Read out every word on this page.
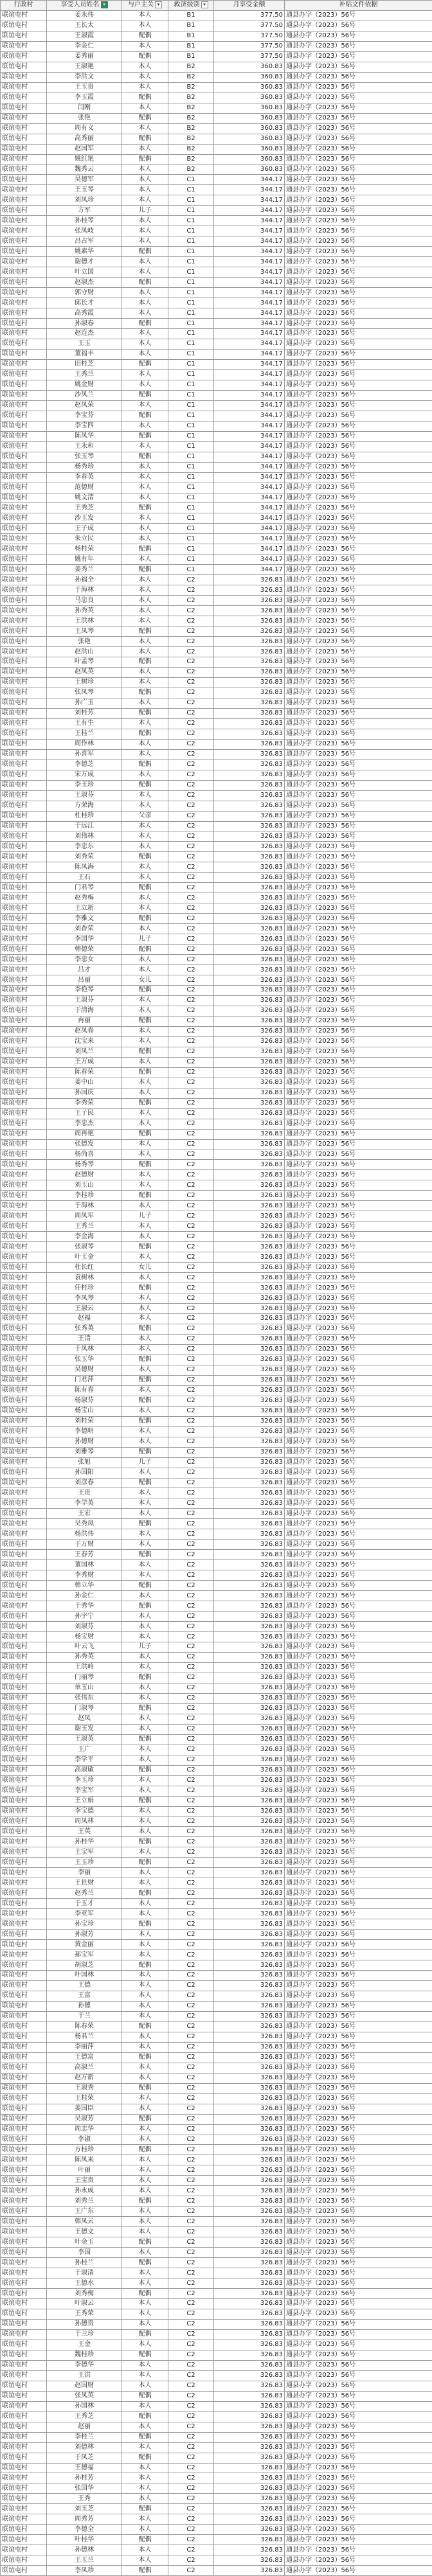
行政村	享受人员姓名 ▾	与户主关 ▾	救济级别 ▾	月享受金额	补贴文件依据
联谊屯村	姜永伟	本人	B1	377.50	通县办字（2023）56号
联谊屯村	王长太	本人	B1	377.50	通县办字（2023）56号
联谊屯村	王淑霞	配偶	B1	377.50	通县办字（2023）56号
联谊屯村	李金仁	本人	B1	377.50	通县办字（2023）56号
联谊屯村	姜秀丽	配偶	B1	377.50	通县办字（2023）56号
联谊屯村	王淑艳	本人	B2	360.83	通县办字（2023）56号
联谊屯村	李洪文	本人	B2	360.83	通县办字（2023）56号
联谊屯村	王玉贵	本人	B2	360.83	通县办字（2023）56号
联谊屯村	李玉霞	配偶	B2	360.83	通县办字（2023）56号
联谊屯村	闫刚	本人	B2	360.83	通县办字（2023）56号
联谊屯村	张艳	配偶	B2	360.83	通县办字（2023）56号
联谊屯村	周有义	本人	B2	360.83	通县办字（2023）56号
联谊屯村	高秀丽	配偶	B2	360.83	通县办字（2023）56号
联谊屯村	赵国军	本人	B2	360.83	通县办字（2023）56号
联谊屯村	姚红艳	配偶	B2	360.83	通县办字（2023）56号
联谊屯村	魏秀云	本人	B2	360.83	通县办字（2023）56号
联谊屯村	吴德军	本人	C1	344.17	通县办字（2023）56号
联谊屯村	王玉琴	本人	C1	344.17	通县办字（2023）56号
联谊屯村	刘凤珍	本人	C1	344.17	通县办字（2023）56号
联谊屯村	方军	儿子	C1	344.17	通县办字（2023）56号
联谊屯村	孙桂琴	本人	C1	344.17	通县办字（2023）56号
联谊屯村	张凤岐	本人	C1	344.17	通县办字（2023）56号
联谊屯村	吕占军	本人	C1	344.17	通县办字（2023）56号
联谊屯村	姚素华	配偶	C1	344.17	通县办字（2023）56号
联谊屯村	谢德才	本人	C1	344.17	通县办字（2023）56号
联谊屯村	叶立国	本人	C1	344.17	通县办字（2023）56号
联谊屯村	赵淑杰	配偶	C1	344.17	通县办字（2023）56号
联谊屯村	郭守财	本人	C1	344.17	通县办字（2023）56号
联谊屯村	邱长才	本人	C1	344.17	通县办字（2023）56号
联谊屯村	高秀霞	本人	C1	344.17	通县办字（2023）56号
联谊屯村	孙淑春	配偶	C1	344.17	通县办字（2023）56号
联谊屯村	赵连杰	本人	C1	344.17	通县办字（2023）56号
联谊屯村	王玉	本人	C1	344.17	通县办字（2023）56号
联谊屯村	董福丰	本人	C1	344.17	通县办字（2023）56号
联谊屯村	田桂芝	配偶	C1	344.17	通县办字（2023）56号
联谊屯村	王秀兰	本人	C1	344.17	通县办字（2023）56号
联谊屯村	姚金财	本人	C1	344.17	通县办字（2023）56号
联谊屯村	沙凤兰	配偶	C1	344.17	通县办字（2023）56号
联谊屯村	赵凤荣	本人	C1	344.17	通县办字（2023）56号
联谊屯村	李宝芬	配偶	C1	344.17	通县办字（2023）56号
联谊屯村	李宝四	本人	C1	344.17	通县办字（2023）56号
联谊屯村	陈凤华	配偶	C1	344.17	通县办字（2023）56号
联谊屯村	王永和	本人	C1	344.17	通县办字（2023）56号
联谊屯村	张玉琴	配偶	C1	344.17	通县办字（2023）56号
联谊屯村	杨秀珍	本人	C1	344.17	通县办字（2023）56号
联谊屯村	李春英	本人	C1	344.17	通县办字（2023）56号
联谊屯村	范德财	本人	C1	344.17	通县办字（2023）56号
联谊屯村	姚文清	本人	C1	344.17	通县办字（2023）56号
联谊屯村	王秀芝	配偶	C1	344.17	通县办字（2023）56号
联谊屯村	沙玉发	本人	C1	344.17	通县办字（2023）56号
联谊屯村	王子成	本人	C1	344.17	通县办字（2023）56号
联谊屯村	朱立民	本人	C1	344.17	通县办字（2023）56号
联谊屯村	杨桂荣	配偶	C1	344.17	通县办字（2023）56号
联谊屯村	姚有年	本人	C1	344.17	通县办字（2023）56号
联谊屯村	姜秀兰	配偶	C1	344.17	通县办字（2023）56号
联谊屯村	孙福全	本人	C2	326.83	通县办字（2023）56号
联谊屯村	于海林	本人	C2	326.83	通县办字（2023）56号
联谊屯村	马忠良	本人	C2	326.83	通县办字（2023）56号
联谊屯村	孙秀英	本人	C2	326.83	通县办字（2023）56号
联谊屯村	王洪林	本人	C2	326.83	通县办字（2023）56号
联谊屯村	王凤琴	配偶	C2	326.83	通县办字（2023）56号
联谊屯村	张艳	本人	C2	326.83	通县办字（2023）56号
联谊屯村	赵洪山	本人	C2	326.83	通县办字（2023）56号
联谊屯村	叶孟琴	配偶	C2	326.83	通县办字（2023）56号
联谊屯村	赵凤英	本人	C2	326.83	通县办字（2023）56号
联谊屯村	王树珍	本人	C2	326.83	通县办字（2023）56号
联谊屯村	张凤琴	配偶	C2	326.83	通县办字（2023）56号
联谊屯村	孙广玉	本人	C2	326.83	通县办字（2023）56号
联谊屯村	刘桂芳	配偶	C2	326.83	通县办字（2023）56号
联谊屯村	王有生	本人	C2	326.83	通县办字（2023）56号
联谊屯村	王桂兰	配偶	C2	326.83	通县办字（2023）56号
联谊屯村	周作林	本人	C2	326.83	通县办字（2023）56号
联谊屯村	孙喜军	本人	C2	326.83	通县办字（2023）56号
联谊屯村	李德芝	配偶	C2	326.83	通县办字（2023）56号
联谊屯村	宋万成	本人	C2	326.83	通县办字（2023）56号
联谊屯村	李玉珍	配偶	C2	326.83	通县办字（2023）56号
联谊屯村	王淑芬	本人	C2	326.83	通县办字（2023）56号
联谊屯村	方荣海	本人	C2	326.83	通县办字（2023）56号
联谊屯村	杜桂珍	父亲	C2	326.83	通县办字（2023）56号
联谊屯村	于远江	本人	C2	326.83	通县办字（2023）56号
联谊屯村	刘伟林	本人	C2	326.83	通县办字（2023）56号
联谊屯村	李忠东	本人	C2	326.83	通县办字（2023）56号
联谊屯村	刘秀荣	配偶	C2	326.83	通县办字（2023）56号
联谊屯村	陈凤海	本人	C2	326.83	通县办字（2023）56号
联谊屯村	王石	本人	C2	326.83	通县办字（2023）56号
联谊屯村	门君琴	配偶	C2	326.83	通县办字（2023）56号
联谊屯村	赵秀梅	本人	C2	326.83	通县办字（2023）56号
联谊屯村	王立新	本人	C2	326.83	通县办字（2023）56号
联谊屯村	李雅文	配偶	C2	326.83	通县办字（2023）56号
联谊屯村	刘香荣	本人	C2	326.83	通县办字（2023）56号
联谊屯村	李国华	儿子	C2	326.83	通县办字（2023）56号
联谊屯村	韩德荣	配偶	C2	326.83	通县办字（2023）56号
联谊屯村	李忠女	本人	C2	326.83	通县办字（2023）56号
联谊屯村	吕才	本人	C2	326.83	通县办字（2023）56号
联谊屯村	吕丽	女儿	C2	326.83	通县办字（2023）56号
联谊屯村	李艳琴	配偶	C2	326.83	通县办字（2023）56号
联谊屯村	王淑芬	本人	C2	326.83	通县办字（2023）56号
联谊屯村	于清海	本人	C2	326.83	通县办字（2023）56号
联谊屯村	冉丽	配偶	C2	326.83	通县办字（2023）56号
联谊屯村	赵凤春	本人	C2	326.83	通县办字（2023）56号
联谊屯村	沈宝来	本人	C2	326.83	通县办字（2023）56号
联谊屯村	刘凤兰	配偶	C2	326.83	通县办字（2023）56号
联谊屯村	王万成	本人	C2	326.83	通县办字（2023）56号
联谊屯村	陈春荣	配偶	C2	326.83	通县办字（2023）56号
联谊屯村	姜中山	本人	C2	326.83	通县办字（2023）56号
联谊屯村	孙国庆	本人	C2	326.83	通县办字（2023）56号
联谊屯村	李秀荣	配偶	C2	326.83	通县办字（2023）56号
联谊屯村	王子民	本人	C2	326.83	通县办字（2023）56号
联谊屯村	李忠杰	本人	C2	326.83	通县办字（2023）56号
联谊屯村	周再艳	配偶	C2	326.83	通县办字（2023）56号
联谊屯村	张德发	本人	C2	326.83	通县办字（2023）56号
联谊屯村	杨尚喜	本人	C2	326.83	通县办字（2023）56号
联谊屯村	杨秀琴	配偶	C2	326.83	通县办字（2023）56号
联谊屯村	赵德财	本人	C2	326.83	通县办字（2023）56号
联谊屯村	刘玉山	本人	C2	326.83	通县办字（2023）56号
联谊屯村	李桂珍	配偶	C2	326.83	通县办字（2023）56号
联谊屯村	于海林	本人	C2	326.83	通县办字（2023）56号
联谊屯村	周凤军	儿子	C2	326.83	通县办字（2023）56号
联谊屯村	王秀兰	本人	C2	326.83	通县办字（2023）56号
联谊屯村	李金海	本人	C2	326.83	通县办字（2023）56号
联谊屯村	张淑琴	配偶	C2	326.83	通县办字（2023）56号
联谊屯村	叶玉金	本人	C2	326.83	通县办字（2023）56号
联谊屯村	杜长红	女儿	C2	326.83	通县办字（2023）56号
联谊屯村	袁树林	本人	C2	326.83	通县办字（2023）56号
联谊屯村	任桂珍	配偶	C2	326.83	通县办字（2023）56号
联谊屯村	李凤琴	本人	C2	326.83	通县办字（2023）56号
联谊屯村	王淑云	本人	C2	326.83	通县办字（2023）56号
联谊屯村	赵福	本人	C2	326.83	通县办字（2023）56号
联谊屯村	张秀英	配偶	C2	326.83	通县办字（2023）56号
联谊屯村	王清	本人	C2	326.83	通县办字（2023）56号
联谊屯村	于凤林	本人	C2	326.83	通县办字（2023）56号
联谊屯村	张玉华	配偶	C2	326.83	通县办字（2023）56号
联谊屯村	吴德财	本人	C2	326.83	通县办字（2023）56号
联谊屯村	门君萍	配偶	C2	326.83	通县办字（2023）56号
联谊屯村	陈有春	本人	C2	326.83	通县办字（2023）56号
联谊屯村	杨淑芬	配偶	C2	326.83	通县办字（2023）56号
联谊屯村	杨宝山	本人	C2	326.83	通县办字（2023）56号
联谊屯村	刘桂荣	配偶	C2	326.83	通县办字（2023）56号
联谊屯村	李德明	本人	C2	326.83	通县办字（2023）56号
联谊屯村	孙德财	本人	C2	326.83	通县办字（2023）56号
联谊屯村	刘雅琴	配偶	C2	326.83	通县办字（2023）56号
联谊屯村	张旭	儿子	C2	326.83	通县办字（2023）56号
联谊屯村	孙国阳	本人	C2	326.83	通县办字（2023）56号
联谊屯村	刘彦春	配偶	C2	326.83	通县办字（2023）56号
联谊屯村	王贵	本人	C2	326.83	通县办字（2023）56号
联谊屯村	李学英	本人	C2	326.83	通县办字（2023）56号
联谊屯村	王宏	本人	C2	326.83	通县办字（2023）56号
联谊屯村	吴秀凤	配偶	C2	326.83	通县办字（2023）56号
联谊屯村	杨洪伟	本人	C2	326.83	通县办字（2023）56号
联谊屯村	于万财	本人	C2	326.83	通县办字（2023）56号
联谊屯村	王春芳	配偶	C2	326.83	通县办字（2023）56号
联谊屯村	董国林	本人	C2	326.83	通县办字（2023）56号
联谊屯村	李秀财	本人	C2	326.83	通县办字（2023）56号
联谊屯村	韩立华	配偶	C2	326.83	通县办字（2023）56号
联谊屯村	孙金仁	本人	C2	326.83	通县办字（2023）56号
联谊屯村	于秀华	配偶	C2	326.83	通县办字（2023）56号
联谊屯村	孙宇宁	本人	C2	326.83	通县办字（2023）56号
联谊屯村	刘淑芬	本人	C2	326.83	通县办字（2023）56号
联谊屯村	杨宝财	本人	C2	326.83	通县办字（2023）56号
联谊屯村	叶云飞	儿子	C2	326.83	通县办字（2023）56号
联谊屯村	孙秀英	本人	C2	326.83	通县办字（2023）56号
联谊屯村	王洪岭	本人	C2	326.83	通县办字（2023）56号
联谊屯村	门丽琴	配偶	C2	326.83	通县办字（2023）56号
联谊屯村	单玉山	本人	C2	326.83	通县办字（2023）56号
联谊屯村	张伟东	本人	C2	326.83	通县办字（2023）56号
联谊屯村	门淑琴	配偶	C2	326.83	通县办字（2023）56号
联谊屯村	赵凤	本人	C2	326.83	通县办字（2023）56号
联谊屯村	谢玉发	本人	C2	326.83	通县办字（2023）56号
联谊屯村	王淑英	配偶	C2	326.83	通县办字（2023）56号
联谊屯村	王广	本人	C2	326.83	通县办字（2023）56号
联谊屯村	李学平	本人	C2	326.83	通县办字（2023）56号
联谊屯村	高淑敏	配偶	C2	326.83	通县办字（2023）56号
联谊屯村	李玉珍	本人	C2	326.83	通县办字（2023）56号
联谊屯村	李宝军	本人	C2	326.83	通县办字（2023）56号
联谊屯村	王立娟	配偶	C2	326.83	通县办字（2023）56号
联谊屯村	李宝德	本人	C2	326.83	通县办字（2023）56号
联谊屯村	周凤林	本人	C2	326.83	通县办字（2023）56号
联谊屯村	王英	本人	C2	326.83	通县办字（2023）56号
联谊屯村	孙桂华	配偶	C2	326.83	通县办字（2023）56号
联谊屯村	王宝军	本人	C2	326.83	通县办字（2023）56号
联谊屯村	王玉珍	配偶	C2	326.83	通县办字（2023）56号
联谊屯村	李丽	本人	C2	326.83	通县办字（2023）56号
联谊屯村	王世财	本人	C2	326.83	通县办字（2023）56号
联谊屯村	赵秀兰	配偶	C2	326.83	通县办字（2023）56号
联谊屯村	于玉才	本人	C2	326.83	通县办字（2023）56号
联谊屯村	李亚军	本人	C2	326.83	通县办字（2023）56号
联谊屯村	孙宝珍	配偶	C2	326.83	通县办字（2023）56号
联谊屯村	孙淑芳	本人	C2	326.83	通县办字（2023）56号
联谊屯村	黄金丽	本人	C2	326.83	通县办字（2023）56号
联谊屯村	郝宝军	本人	C2	326.83	通县办字（2023）56号
联谊屯村	胡淑芝	配偶	C2	326.83	通县办字（2023）56号
联谊屯村	叶国林	本人	C2	326.83	通县办字（2023）56号
联谊屯村	王德	本人	C2	326.83	通县办字（2023）56号
联谊屯村	王富	本人	C2	326.83	通县办字（2023）56号
联谊屯村	孙德	本人	C2	326.83	通县办字（2023）56号
联谊屯村	于兰	本人	C2	326.83	通县办字（2023）56号
联谊屯村	陈春荣	配偶	C2	326.83	通县办字（2023）56号
联谊屯村	杨君兰	本人	C2	326.83	通县办字（2023）56号
联谊屯村	李丽萍	本人	C2	326.83	通县办字（2023）56号
联谊屯村	王德富	配偶	C2	326.83	通县办字（2023）56号
联谊屯村	高淑兰	本人	C2	326.83	通县办字（2023）56号
联谊屯村	赵万新	本人	C2	326.83	通县办字（2023）56号
联谊屯村	王淑秀	配偶	C2	326.83	通县办字（2023）56号
联谊屯村	王桂荣	本人	C2	326.83	通县办字（2023）56号
联谊屯村	姜国臣	本人	C2	326.83	通县办字（2023）56号
联谊屯村	吴淑芳	配偶	C2	326.83	通县办字（2023）56号
联谊屯村	周志华	本人	C2	326.83	通县办字（2023）56号
联谊屯村	李淑	本人	C2	326.83	通县办字（2023）56号
联谊屯村	方桂珍	配偶	C2	326.83	通县办字（2023）56号
联谊屯村	陈凤来	本人	C2	326.83	通县办字（2023）56号
联谊屯村	叶丽	本人	C2	326.83	通县办字（2023）56号
联谊屯村	王宝贵	本人	C2	326.83	通县办字（2023）56号
联谊屯村	孙永成	本人	C2	326.83	通县办字（2023）56号
联谊屯村	刘秀兰	配偶	C2	326.83	通县办字（2023）56号
联谊屯村	王广东	本人	C2	326.83	通县办字（2023）56号
联谊屯村	韩凤云	本人	C2	326.83	通县办字（2023）56号
联谊屯村	王德文	本人	C2	326.83	通县办字（2023）56号
联谊屯村	叶金玉	配偶	C2	326.83	通县办字（2023）56号
联谊屯村	李国	本人	C2	326.83	通县办字（2023）56号
联谊屯村	孙桂兰	配偶	C2	326.83	通县办字（2023）56号
联谊屯村	于淑清	本人	C2	326.83	通县办字（2023）56号
联谊屯村	王德水	本人	C2	326.83	通县办字（2023）56号
联谊屯村	刘秀梅	配偶	C2	326.83	通县办字（2023）56号
联谊屯村	叶淑云	本人	C2	326.83	通县办字（2023）56号
联谊屯村	王秀荣	本人	C2	326.83	通县办字（2023）56号
联谊屯村	孙德贵	本人	C2	326.83	通县办字（2023）56号
联谊屯村	于兰珍	配偶	C2	326.83	通县办字（2023）56号
联谊屯村	王金	本人	C2	326.83	通县办字（2023）56号
联谊屯村	魏桂珍	配偶	C2	326.83	通县办字（2023）56号
联谊屯村	李德华	本人	C2	326.83	通县办字（2023）56号
联谊屯村	王洪	本人	C2	326.83	通县办字（2023）56号
联谊屯村	赵国财	本人	C2	326.83	通县办字（2023）56号
联谊屯村	张凤英	配偶	C2	326.83	通县办字（2023）56号
联谊屯村	孙国林	本人	C2	326.83	通县办字（2023）56号
联谊屯村	王秀芝	配偶	C2	326.83	通县办字（2023）56号
联谊屯村	赵丽	本人	C2	326.83	通县办字（2023）56号
联谊屯村	李桂兰	配偶	C2	326.83	通县办字（2023）56号
联谊屯村	刘德林	本人	C2	326.83	通县办字（2023）56号
联谊屯村	于凤芝	配偶	C2	326.83	通县办字（2023）56号
联谊屯村	王德福	本人	C2	326.83	通县办字（2023）56号
联谊屯村	孙桂芳	本人	C2	326.83	通县办字（2023）56号
联谊屯村	张国华	本人	C2	326.83	通县办字（2023）56号
联谊屯村	王秀	本人	C2	326.83	通县办字（2023）56号
联谊屯村	刘玉芝	配偶	C2	326.83	通县办字（2023）56号
联谊屯村	周秀芳	本人	C2	326.83	通县办字（2023）56号
联谊屯村	李德全	本人	C2	326.83	通县办字（2023）56号
联谊屯村	叶桂华	配偶	C2	326.83	通县办字（2023）56号
联谊屯村	孙德林	本人	C2	326.83	通县办字（2023）56号
联谊屯村	王玉兰	本人	C2	326.83	通县办字（2023）56号
联谊屯村	李凤珍	配偶	C2	326.83	通县办字（2023）56号
